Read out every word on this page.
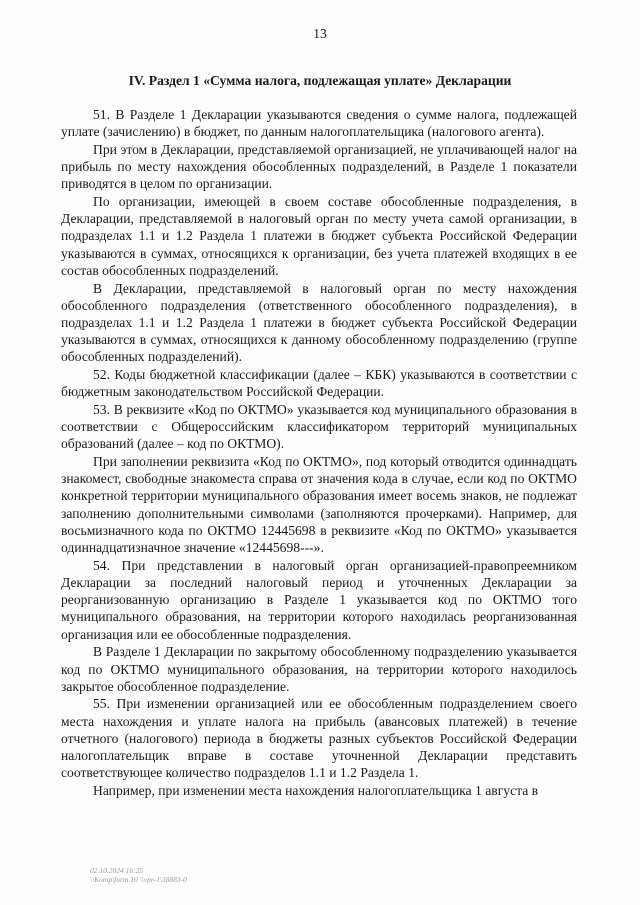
13
IV. Раздел 1 «Сумма налога, подлежащая уплате» Декларации

51. В Разделе 1 Декларации указываются сведения о сумме налога, подлежащей уплате (зачислению) в бюджет, по данным налогоплательщика (налогового агента).

При этом в Декларации, представляемой организацией, не уплачивающей налог на прибыль по месту нахождения обособленных подразделений, в Разделе 1 показатели приводятся в целом по организации.

По организации, имеющей в своем составе обособленные подразделения, в Декларации, представляемой в налоговый орган по месту учета самой организации, в подразделах 1.1 и 1.2 Раздела 1 платежи в бюджет субъекта Российской Федерации указываются в суммах, относящихся к организации, без учета платежей входящих в ее состав обособленных подразделений.

В Декларации, представляемой в налоговый орган по месту нахождения обособленного подразделения (ответственного обособленного подразделения), в подразделах 1.1 и 1.2 Раздела 1 платежи в бюджет субъекта Российской Федерации указываются в суммах, относящихся к данному обособленному подразделению (группе обособленных подразделений).

52. Коды бюджетной классификации (далее – КБК) указываются в соответствии с бюджетным законодательством Российской Федерации.

53. В реквизите «Код по ОКТМО» указывается код муниципального образования в соответствии с Общероссийским классификатором территорий муниципальных образований (далее – код по ОКТМО).

При заполнении реквизита «Код по ОКТМО», под который отводится одиннадцать знакомест, свободные знакоместа справа от значения кода в случае, если код по ОКТМО конкретной территории муниципального образования имеет восемь знаков, не подлежат заполнению дополнительными символами (заполняются прочерками). Например, для восьмизначного кода по ОКТМО 12445698 в реквизите «Код по ОКТМО» указывается одиннадцатизначное значение «12445698---».

54. При представлении в налоговый орган организацией-правопреемником Декларации за последний налоговый период и уточненных Декларации за реорганизованную организацию в Разделе 1 указывается код по ОКТМО того муниципального образования, на территории которого находилась реорганизованная организация или ее обособленные подразделения.

В Разделе 1 Декларации по закрытому обособленному подразделению указывается код по ОКТМО муниципального образования, на территории которого находилось закрытое обособленное подразделение.

55. При изменении организацией или ее обособленным подразделением своего места нахождения и уплате налога на прибыль (авансовых платежей) в течение отчетного (налогового) периода в бюджеты разных субъектов Российской Федерации налогоплательщик вправе в составе уточненной Декларации представить соответствующее количество подразделов 1.1 и 1.2 Раздела 1.

Например, при изменении места нахождения налогоплательщика 1 августа в

02.10.2024 16:25
\\Komp\form 10 \\vpr-1\38883-0
